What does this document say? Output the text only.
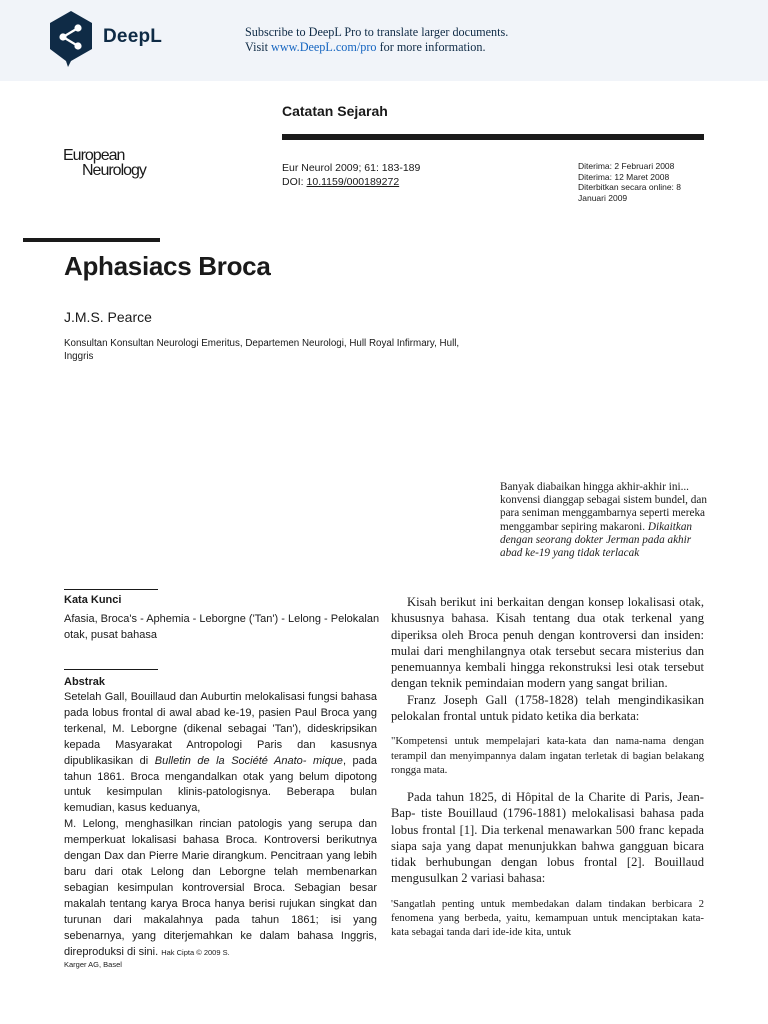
DeepL	Subscribe to DeepL Pro to translate larger documents.
Visit www.DeepL.com/pro for more information.
Catatan Sejarah
European
Neurology	Eur Neurol 2009; 61: 183-189
DOI: 10.1159/000189272
Diterima: 2 Februari 2008
Diterima: 12 Maret 2008
Diterbitkan secara online: 8 Januari 2009
Aphasiacs Broca
J.M.S. Pearce
Konsultan Konsultan Neurologi Emeritus, Departemen Neurologi, Hull Royal Infirmary, Hull, Inggris
Banyak diabaikan hingga akhir-akhir ini... konvensi dianggap sebagai sistem bundel, dan para seniman menggambarnya seperti mereka menggambar sepiring makaroni. Dikaitkan dengan seorang dokter Jerman pada akhir abad ke-19 yang tidak terlacak
Kata Kunci
Afasia, Broca's - Aphemia - Leborgne ('Tan') - Lelong - Pelokalan otak, pusat bahasa
Abstrak

Setelah Gall, Bouillaud dan Auburtin melokalisasi fungsi bahasa pada lobus frontal di awal abad ke-19, pasien Paul Broca yang terkenal, M. Leborgne (dikenal sebagai 'Tan'), dideskripsikan kepada Masyarakat Antropologi Paris dan kasusnya dipublikasikan di Bulletin de la Société Anato- mique, pada tahun 1861. Broca mengandalkan otak yang belum dipotong untuk kesimpulan klinis-patologisnya. Beberapa bulan kemudian, kasus keduanya,

M. Lelong, menghasilkan rincian patologis yang serupa dan memperkuat lokalisasi bahasa Broca. Kontroversi berikutnya dengan Dax dan Pierre Marie dirangkum. Pencitraan yang lebih baru dari otak Lelong dan Leborgne telah membenarkan sebagian kesimpulan kontroversial Broca. Sebagian besar makalah tentang karya Broca hanya berisi rujukan singkat dan turunan dari makalahnya pada tahun 1861; isi yang sebenarnya, yang diterjemahkan ke dalam bahasa Inggris, direproduksi di sini. Hak Cipta © 2009 S.

Karger AG, Basel

Kisah berikut ini berkaitan dengan konsep lokalisasi otak, khususnya bahasa. Kisah tentang dua otak terkenal yang diperiksa oleh Broca penuh dengan kontroversi dan insiden: mulai dari menghilangnya otak tersebut secara misterius dan penemuannya kembali hingga rekonstruksi lesi otak tersebut dengan teknik pemindaian modern yang sangat brilian.

Franz Joseph Gall (1758-1828) telah mengindikasikan pelokalan frontal untuk pidato ketika dia berkata:

"Kompetensi untuk mempelajari kata-kata dan nama-nama dengan terampil dan menyimpannya dalam ingatan terletak di bagian belakang rongga mata.

Pada tahun 1825, di Hôpital de la Charite di Paris, Jean-Bap- tiste Bouillaud (1796-1881) melokalisasi bahasa pada lobus frontal [1]. Dia terkenal menawarkan 500 franc kepada siapa saja yang dapat menunjukkan bahwa gangguan bicara tidak berhubungan dengan lobus frontal [2]. Bouillaud mengusulkan 2 variasi bahasa:

'Sangatlah penting untuk membedakan dalam tindakan berbicara 2 fenomena yang berbeda, yaitu, kemampuan untuk menciptakan kata-kata sebagai tanda dari ide-ide kita, untuk
